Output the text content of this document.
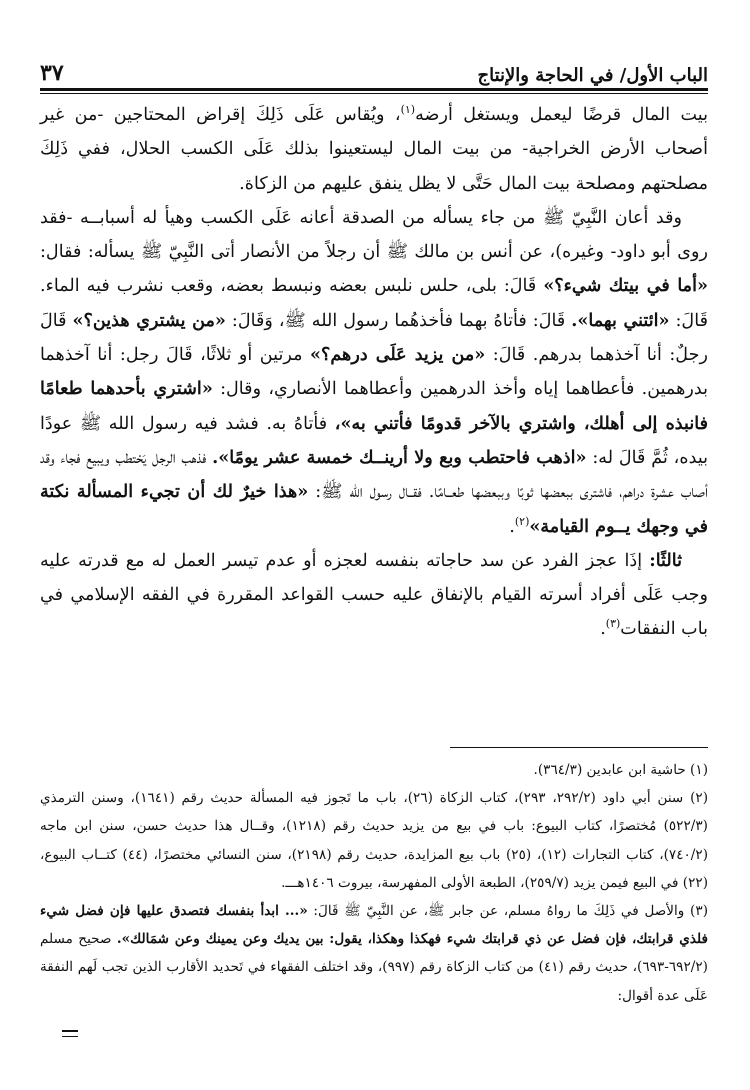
٣٧	الباب الأول/ في الحاجة والإنتاج

بيت المال قرضًا ليعمل ويستغل أرضه$^{(١)}$، ويُقاس عَلَى ذَلِكَ إقراض المحتاجين -من غير أصحاب الأرض الخراجية- من بيت المال ليستعينوا بذلك عَلَى الكسب الحلال، ففي ذَلِكَ مصلحتهم ومصلحة بيت المال حَتَّى لا يظل ينفق عليهم من الزكاة.

وقد أعان النَّبِيّ ﷺ من جاء يسأله من الصدقة أعانه عَلَى الكسب وهيأ له أسبابــه -فقد روى أبو داود- وغيره)، عن أنس بن مالك ﷺ أن رجلاً من الأنصار أتى النَّبِيّ ﷺ يسأله: فقال: «أما في بيتك شيء؟» قَالَ: بلى، حلس نلبس بعضه ونبسط بعضه، وقعب نشرب فيه الماء. قَالَ: «ائتني بهما». قَالَ: فأتاهُ بهما فأخذهُما رسول الله ﷺ، وَقَالَ: «من يشتري هذين؟» قَالَ رجلٌ: أنا آخذهما بدرهم. قَالَ: «من يزيد عَلَى درهم؟» مرتين أو ثلاثًا، قَالَ رجل: أنا آخذهما بدرهمين. فأعطاهما إياه وأخذ الدرهمين وأعطاهما الأنصاري، وقال: «اشتري بأحدهما طعامًا فانبذه إلى أهلك، واشتري بالآخر قدومًا فأتني به»، فأتاهُ به. فشد فيه رسول الله ﷺ عودًا بيده، ثُمَّ قَالَ له: «اذهب فاحتطب وبع ولا أرينــك خمسة عشر يومًا». فذهب الرجل يَحْتطب ويبيع فجاء وقد أصاب عشرة دراهم، فاشترى ببعضها ثوبًا وببعضها طعــامًا. فقــال رسول الله ﷺ: «هذا خيرٌ لك أن تجيء المسألة نكتة في وجهك يــوم القيامة»$^{(٢)}$.

ثالثًا: إذَا عجز الفرد عن سد حاجاته بنفسه لعجزه أو عدم تيسر العمل له مع قدرته عليه وجب عَلَى أفراد أسرته القيام بالإنفاق عليه حسب القواعد المقررة في الفقه الإسلامي في باب النفقات$^{(٣)}$.

(١) حاشية ابن عابدين (٣٦٤/٣).

(٢) سنن أبي داود (٢٩٢/٢، ٢٩٣)، كتاب الزكاة (٢٦)، باب ما تَجوز فيه المسألة حديث رقم (١٦٤١)، وسنن الترمذي (٥٢٢/٣) مُختصرًا، كتاب البيوع: باب في بيع من يزيد حديث رقم (١٢١٨)، وقــال هذا حديث حسن، سنن ابن ماجه (٧٤٠/٢)، كتاب التجارات (١٢)، (٢٥) باب بيع المزايدة، حديث رقم (٢١٩٨)، سنن النسائي مختصرًا، (٤٤) كتــاب البيوع، (٢٢) في البيع فيمن يزيد (٢٥٩/٧)، الطبعة الأولى المفهرسة، بيروت ١٤٠٦هـــ.

(٣) والأصل في ذَلِكَ ما رواهُ مسلم، عن جابر ﷺ، عن النَّبِيّ ﷺ قَالَ: «... ابدأ بنفسك فتصدق عليها فإن فضل شيء فلذي قرابتك، فإن فضل عن ذي قرابتك شيء فهكذا وهكذا، يقول: بين يديك وعن يمينك وعن شمَالك». صحيح مسلم (٦٩٢/٢-٦٩٣)، حديث رقم (٤١) من كتاب الزكاة رقم (٩٩٧)، وقد اختلف الفقهاء في تَحديد الأقارب الذين تجب لَهم النفقة عَلَى عدة أقوال:
